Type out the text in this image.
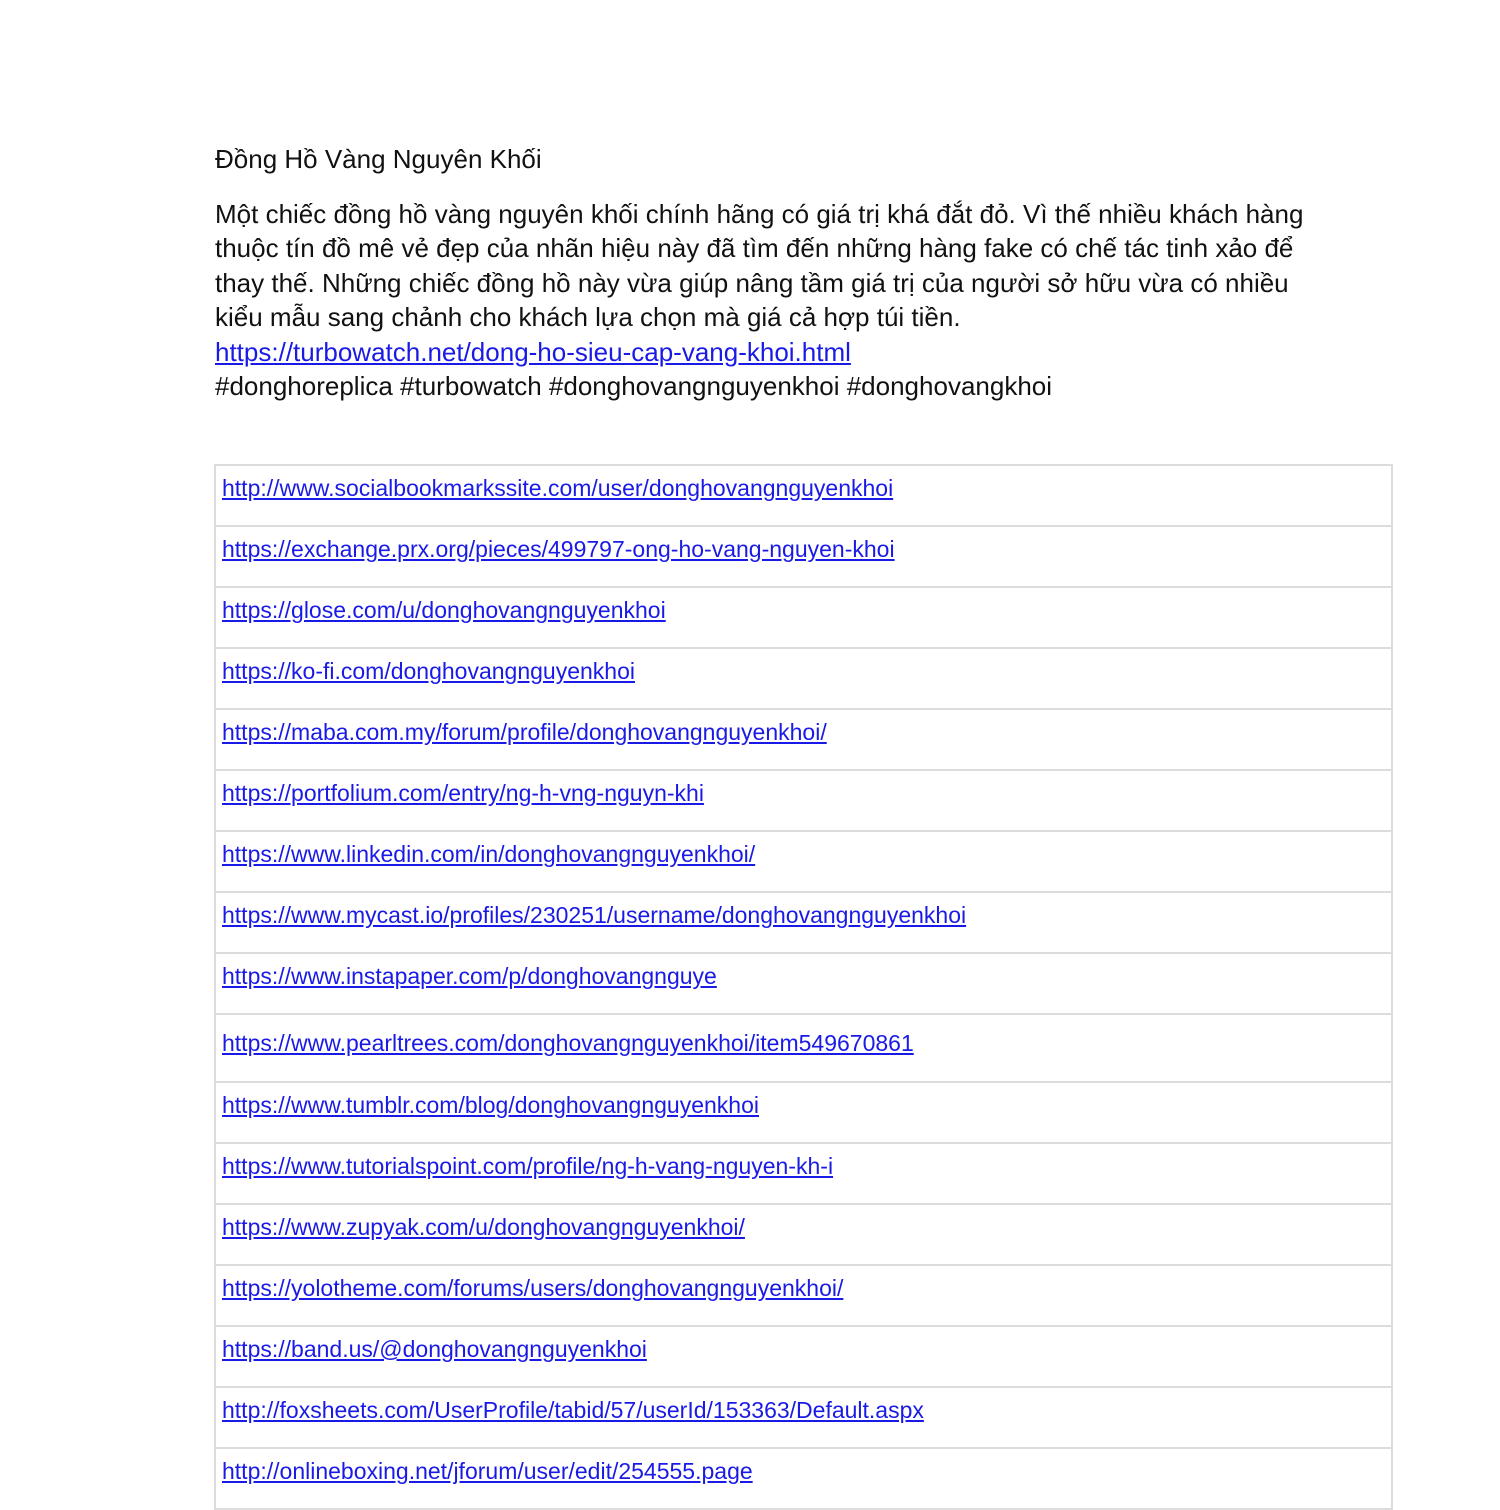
Đồng Hồ Vàng Nguyên Khối
Một chiếc đồng hồ vàng nguyên khối chính hãng có giá trị khá đắt đỏ. Vì thế nhiều khách hàng
thuộc tín đồ mê vẻ đẹp của nhãn hiệu này đã tìm đến những hàng fake có chế tác tinh xảo để
thay thế. Những chiếc đồng hồ này vừa giúp nâng tầm giá trị của người sở hữu vừa có nhiều
kiểu mẫu sang chảnh cho khách lựa chọn mà giá cả hợp túi tiền.
https://turbowatch.net/dong-ho-sieu-cap-vang-khoi.html
#donghoreplica #turbowatch #donghovangnguyenkhoi #donghovangkhoi
http://www.socialbookmarkssite.com/user/donghovangnguyenkhoi

https://exchange.prx.org/pieces/499797-ong-ho-vang-nguyen-khoi

https://glose.com/u/donghovangnguyenkhoi

https://ko-fi.com/donghovangnguyenkhoi

https://maba.com.my/forum/profile/donghovangnguyenkhoi/

https://portfolium.com/entry/ng-h-vng-nguyn-khi

https://www.linkedin.com/in/donghovangnguyenkhoi/

https://www.mycast.io/profiles/230251/username/donghovangnguyenkhoi

https://www.instapaper.com/p/donghovangnguye

https://www.pearltrees.com/donghovangnguyenkhoi/item549670861

https://www.tumblr.com/blog/donghovangnguyenkhoi

https://www.tutorialspoint.com/profile/ng-h-vang-nguyen-kh-i

https://www.zupyak.com/u/donghovangnguyenkhoi/

https://yolotheme.com/forums/users/donghovangnguyenkhoi/

https://band.us/@donghovangnguyenkhoi

http://foxsheets.com/UserProfile/tabid/57/userId/153363/Default.aspx

http://onlineboxing.net/jforum/user/edit/254555.page
